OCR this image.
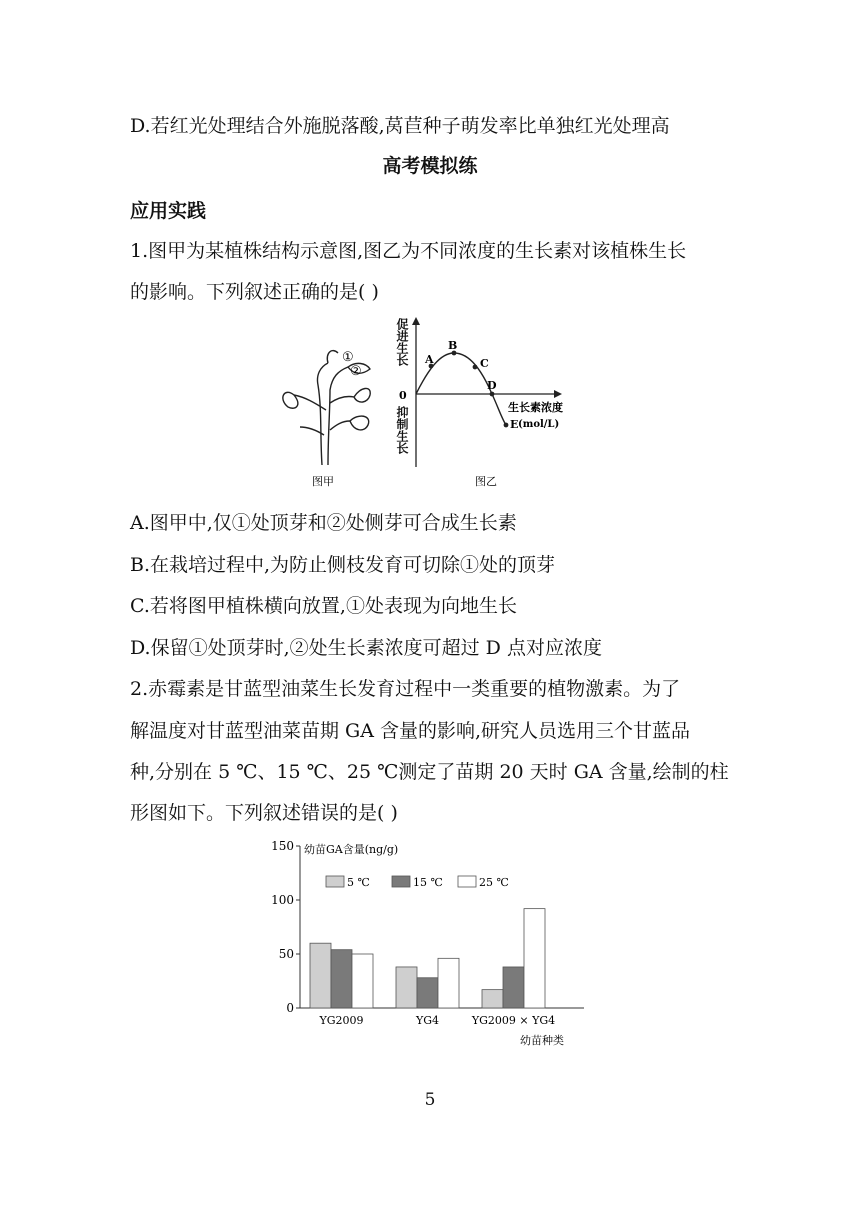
D.若红光处理结合外施脱落酸,莴苣种子萌发率比单独红光处理高
高考模拟练
应用实践
1.图甲为某植株结构示意图,图乙为不同浓度的生长素对该植株生长
的影响。下列叙述正确的是( )
①
②
图甲
A
B
C
D
E
0
生长素浓度
(mol/L)
图乙
促进生长
抑制生长
A.图甲中,仅①处顶芽和②处侧芽可合成生长素
B.在栽培过程中,为防止侧枝发育可切除①处的顶芽
C.若将图甲植株横向放置,①处表现为向地生长
D.保留①处顶芽时,②处生长素浓度可超过 D 点对应浓度
2.赤霉素是甘蓝型油菜生长发育过程中一类重要的植物激素。为了
解温度对甘蓝型油菜苗期 GA 含量的影响,研究人员选用三个甘蓝品
种,分别在 5 ℃、15 ℃、25 ℃测定了苗期 20 天时 GA 含量,绘制的柱
形图如下。下列叙述错误的是( )
幼苗GA含量(ng/g)
幼苗种类
0
50
100
150
5 ℃	15 ℃	25 ℃
YG2009	YG4	YG2009 × YG4
5
